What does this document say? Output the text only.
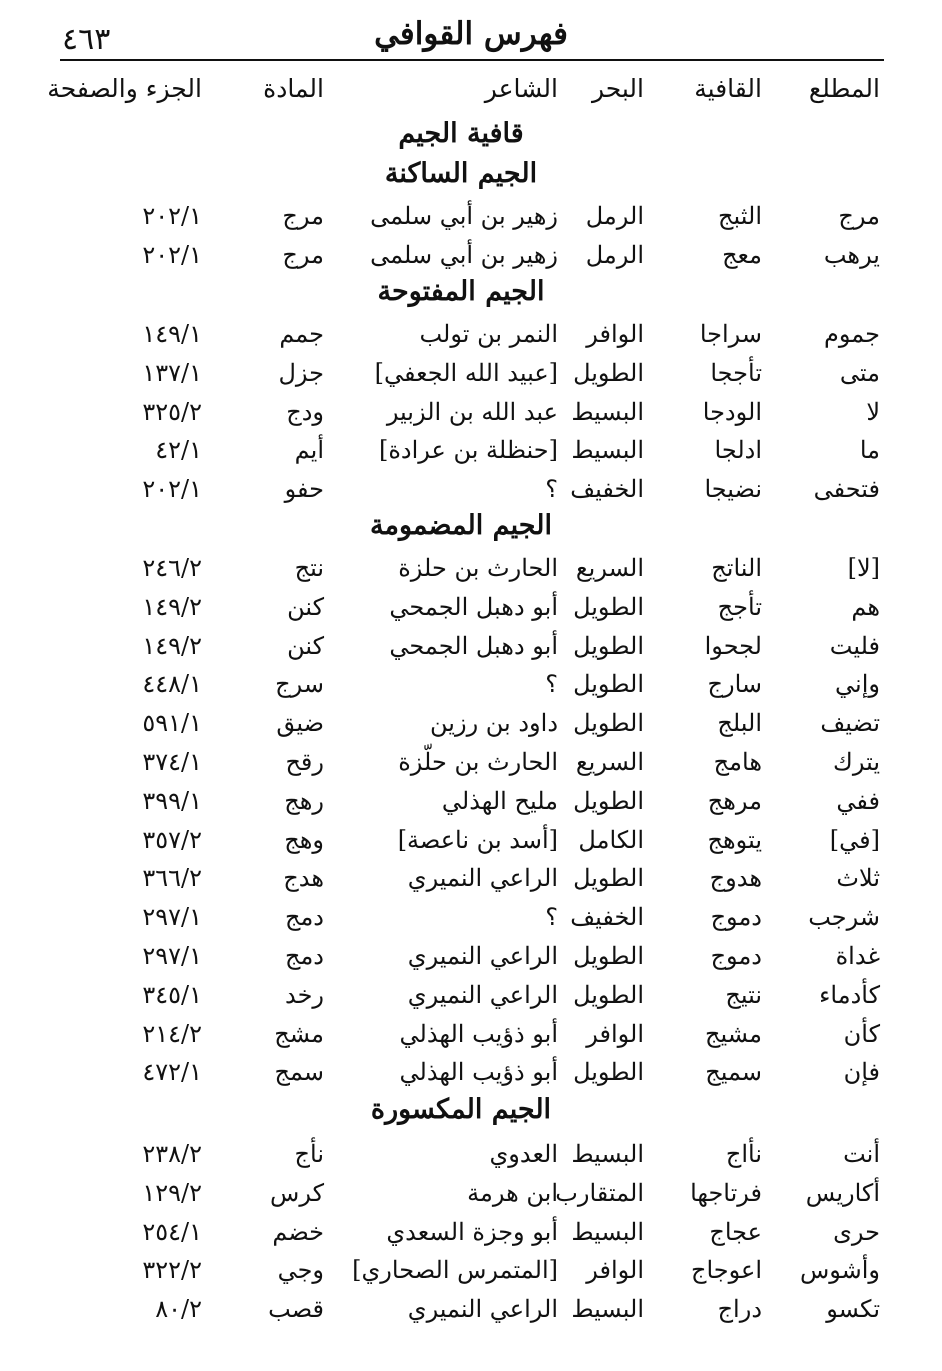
٤٦٣	فهرس القوافي
المطلع
القافية
البحر
الشاعر
المادة
الجزء والصفحة
قافية الجيم
الجيم الساكنة
مرج
الثبج
الرمل
زهير بن أبي سلمى
مرج
٢٠٢/١
يرهب
معج
الرمل
زهير بن أبي سلمى
مرج
٢٠٢/١
الجيم المفتوحة
جموم
سراجا
الوافر
النمر بن تولب
جمم
١٤٩/١
متى
تأججا
الطويل
[عبيد الله الجعفي]
جزل
١٣٧/١
لا
الودجا
البسيط
عبد الله بن الزبير
ودج
٣٢٥/٢
ما
ادلجا
البسيط
[حنظلة بن عرادة]
أيم
٤٢/١
فتحفى
نضيجا
الخفيف
؟
حفو
٢٠٢/١
الجيم المضمومة
[لا]
الناتج
السريع
الحارث بن حلزة
نتج
٢٤٦/٢
هم
تأجج
الطويل
أبو دهبل الجمحي
كنن
١٤٩/٢
فليت
لجحوا
الطويل
أبو دهبل الجمحي
كنن
١٤٩/٢
وإني
سارج
الطويل
؟
سرج
٤٤٨/١
تضيف
البلج
الطويل
داود بن رزين
ضيق
٥٩١/١
يترك
هامج
السريع
الحارث بن حلّزة
رقح
٣٧٤/١
ففي
مرهج
الطويل
مليح الهذلي
رهج
٣٩٩/١
[في]
يتوهج
الكامل
[أسد بن ناعصة]
وهج
٣٥٧/٢
ثلاث
هدوج
الطويل
الراعي النميري
هدج
٣٦٦/٢
شرجب
دموج
الخفيف
؟
دمج
٢٩٧/١
غداة
دموج
الطويل
الراعي النميري
دمج
٢٩٧/١
كأدماء
نتيج
الطويل
الراعي النميري
رخد
٣٤٥/١
كأن
مشيج
الوافر
أبو ذؤيب الهذلي
مشج
٢١٤/٢
فإن
سميج
الطويل
أبو ذؤيب الهذلي
سمج
٤٧٢/١
الجيم المكسورة
أنت
نأاج
البسيط
العدوي
نأج
٢٣٨/٢
أكاريس
فرتاجها
المتقارب
ابن هرمة
كرس
١٢٩/٢
حرى
عجاج
البسيط
أبو وجزة السعدي
خضم
٢٥٤/١
وأشوس
اعوجاج
الوافر
[المتمرس الصحاري]
وجي
٣٢٢/٢
تكسو
دراج
البسيط
الراعي النميري
قصب
٨٠/٢
